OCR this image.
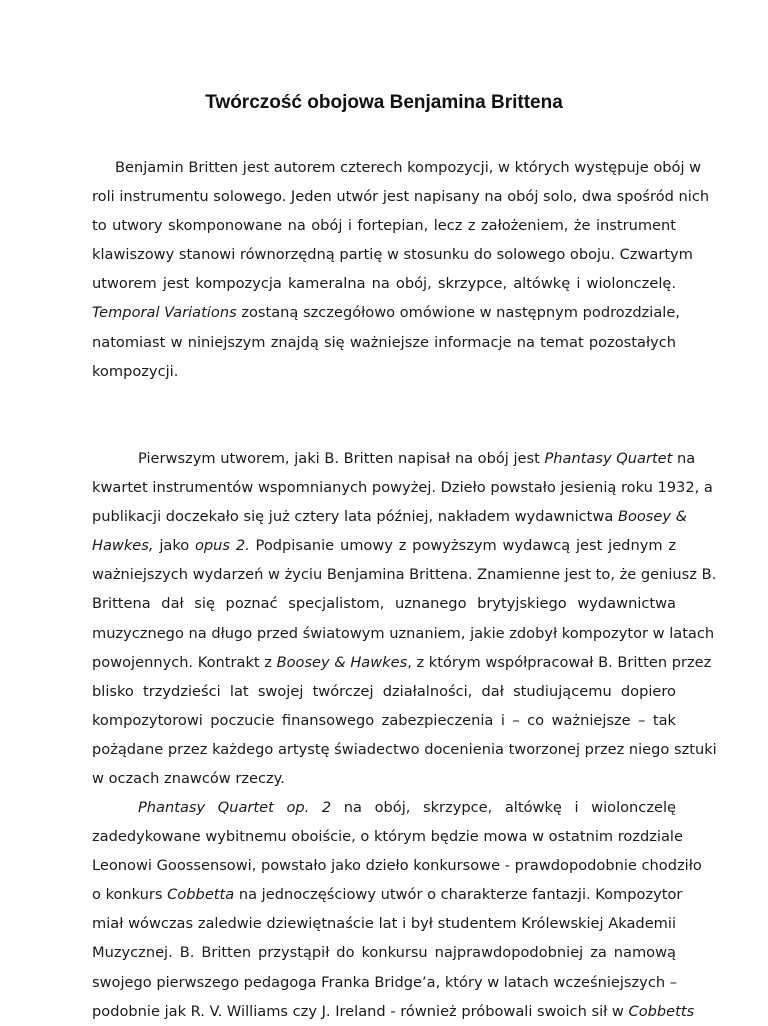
Twórczość obojowa Benjamina Brittena

Benjamin Britten jest autorem czterech kompozycji, w których występuje obój w
roli instrumentu solowego. Jeden utwór jest napisany na obój solo, dwa spośród nich
to utwory skomponowane na obój i fortepian, lecz z założeniem, że instrument
klawiszowy stanowi równorzędną partię w stosunku do solowego oboju. Czwartym
utworem jest kompozycja kameralna na obój, skrzypce, altówkę i wiolonczelę.
Temporal Variations zostaną szczegółowo omówione w następnym podrozdziale,
natomiast w niniejszym znajdą się ważniejsze informacje na temat pozostałych
kompozycji.

Pierwszym utworem, jaki B. Britten napisał na obój jest Phantasy Quartet na
kwartet instrumentów wspomnianych powyżej. Dzieło powstało jesienią roku 1932, a
publikacji doczekało się już cztery lata później, nakładem wydawnictwa Boosey &
Hawkes, jako opus 2. Podpisanie umowy z powyższym wydawcą jest jednym z
ważniejszych wydarzeń w życiu Benjamina Brittena. Znamienne jest to, że geniusz B.
Brittena dał się poznać specjalistom, uznanego brytyjskiego wydawnictwa
muzycznego na długo przed światowym uznaniem, jakie zdobył kompozytor w latach
powojennych. Kontrakt z Boosey & Hawkes, z którym współpracował B. Britten przez
blisko trzydzieści lat swojej twórczej działalności, dał studiującemu dopiero
kompozytorowi poczucie finansowego zabezpieczenia i – co ważniejsze – tak
pożądane przez każdego artystę świadectwo docenienia tworzonej przez niego sztuki
w oczach znawców rzeczy.

Phantasy Quartet op. 2 na obój, skrzypce, altówkę i wiolonczelę
zadedykowane wybitnemu oboiście, o którym będzie mowa w ostatnim rozdziale
Leonowi Goossensowi, powstało jako dzieło konkursowe - prawdopodobnie chodziło
o konkurs Cobbetta na jednoczęściowy utwór o charakterze fantazji. Kompozytor
miał wówczas zaledwie dziewiętnaście lat i był studentem Królewskiej Akademii
Muzycznej. B. Britten przystąpił do konkursu najprawdopodobniej za namową
swojego pierwszego pedagoga Franka Bridge’a, który w latach wcześniejszych –
podobnie jak R. V. Williams czy J. Ireland - również próbowali swoich sił w Cobbetts
